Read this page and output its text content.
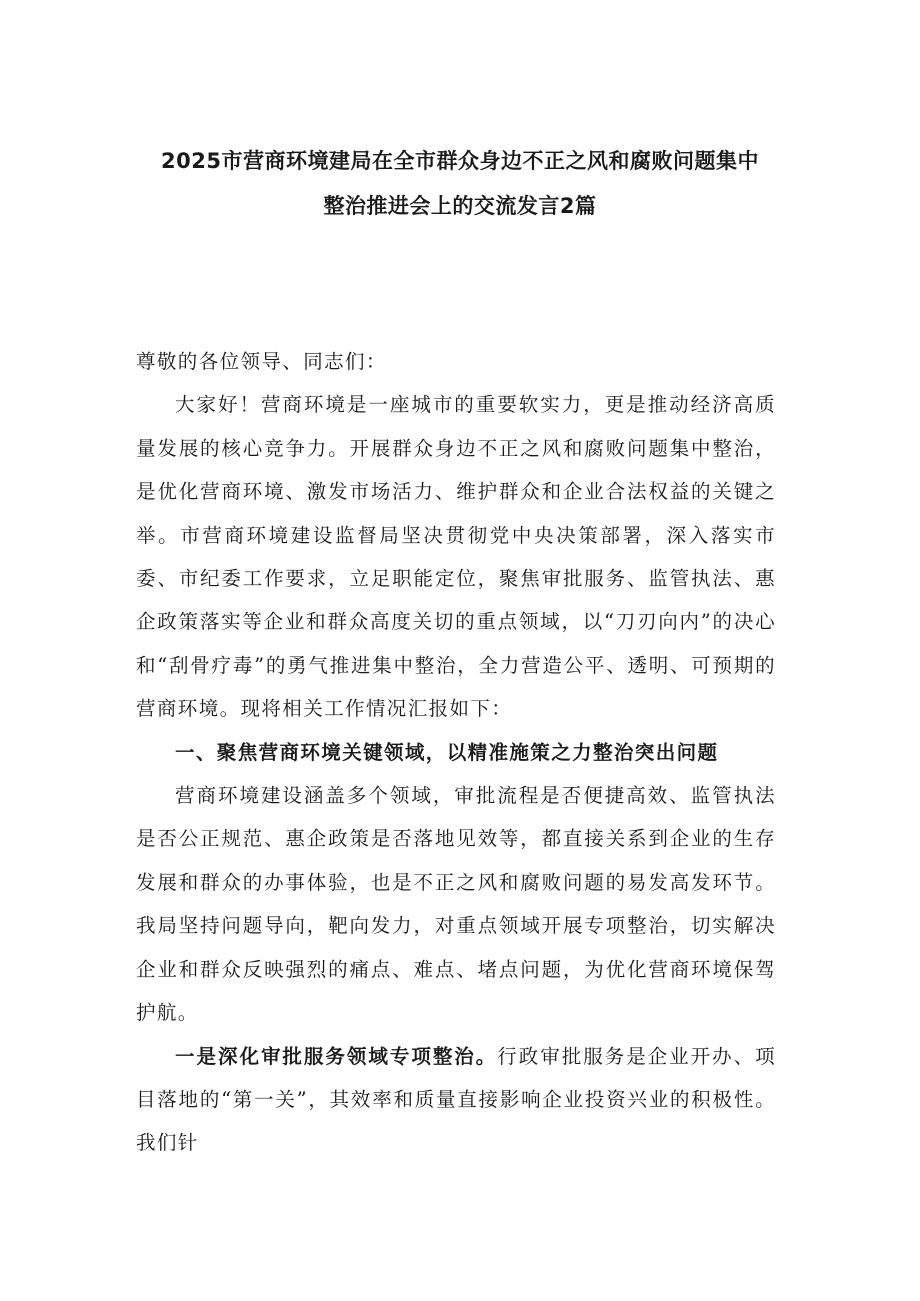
2025市营商环境建局在全市群众身边不正之风和腐败问题集中
整治推进会上的交流发言2篇

尊敬的各位领导、同志们：

大家好！营商环境是一座城市的重要软实力，更是推动经济高质量发展的核心竞争力。开展群众身边不正之风和腐败问题集中整治，是优化营商环境、激发市场活力、维护群众和企业合法权益的关键之举。市营商环境建设监督局坚决贯彻党中央决策部署，深入落实市委、市纪委工作要求，立足职能定位，聚焦审批服务、监管执法、惠企政策落实等企业和群众高度关切的重点领域，以“刀刃向内”的决心和“刮骨疗毒”的勇气推进集中整治，全力营造公平、透明、可预期的营商环境。现将相关工作情况汇报如下：

一、聚焦营商环境关键领域，以精准施策之力整治突出问题

营商环境建设涵盖多个领域，审批流程是否便捷高效、监管执法是否公正规范、惠企政策是否落地见效等，都直接关系到企业的生存发展和群众的办事体验，也是不正之风和腐败问题的易发高发环节。我局坚持问题导向，靶向发力，对重点领域开展专项整治，切实解决企业和群众反映强烈的痛点、难点、堵点问题，为优化营商环境保驾护航。

一是深化审批服务领域专项整治。行政审批服务是企业开办、项目落地的“第一关”，其效率和质量直接影响企业投资兴业的积极性。我们针
